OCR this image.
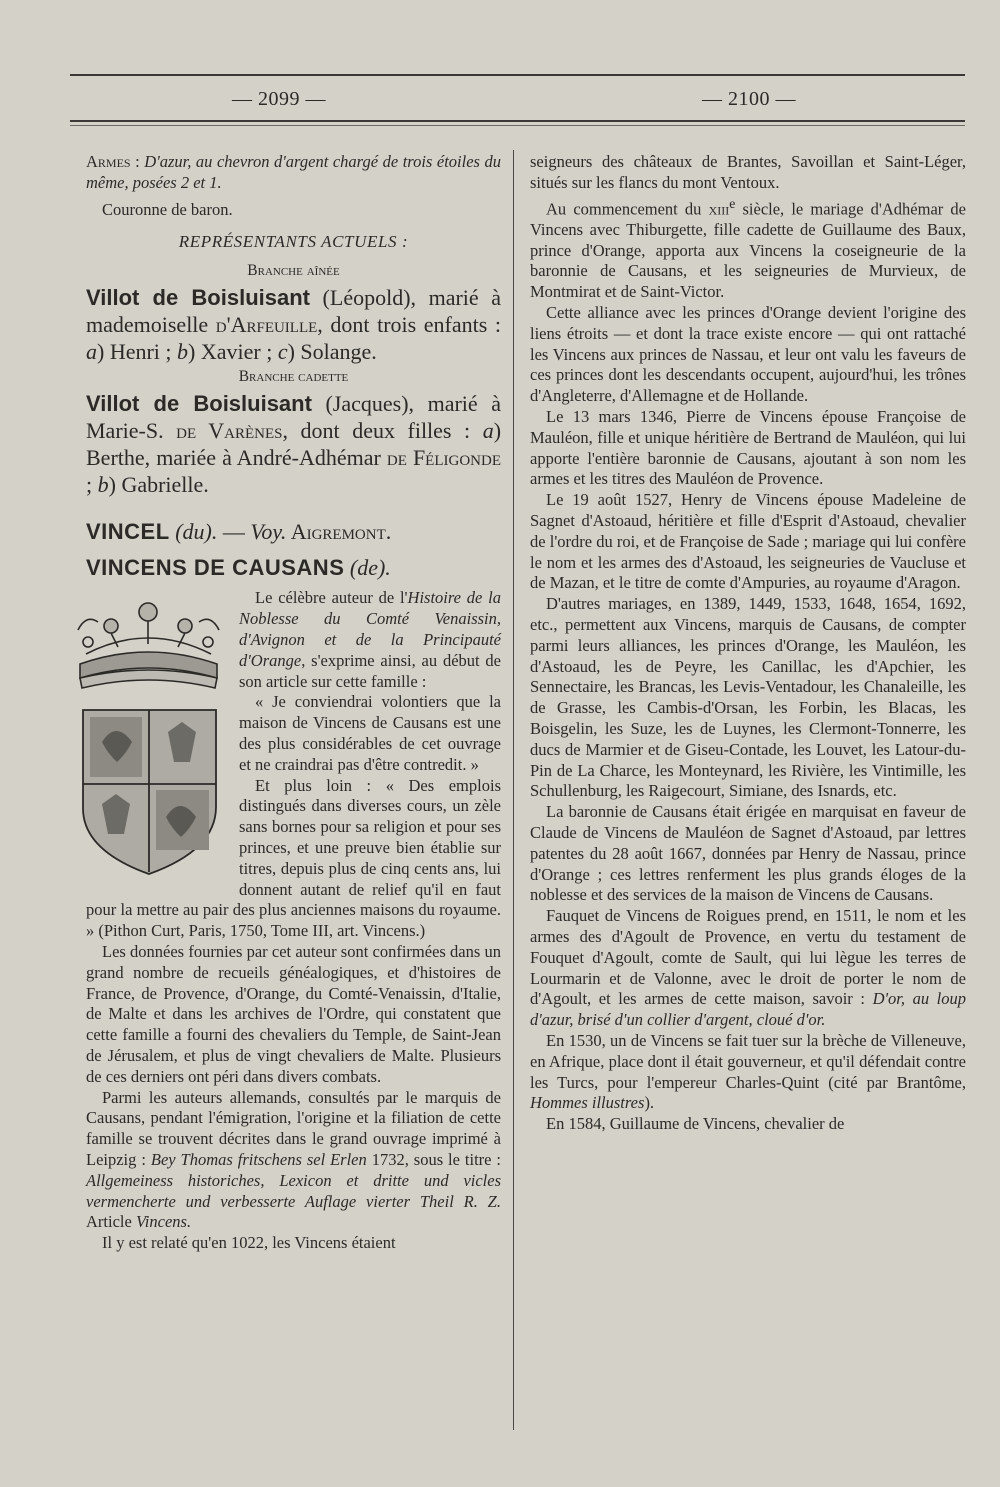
— 2099 —	— 2100 —

Armes : D'azur, au chevron d'argent chargé de trois étoiles du même, posées 2 et 1.

Couronne de baron.

REPRÉSENTANTS ACTUELS :
Branche aînée

Villot de Boisluisant (Léopold), marié à mademoiselle d'Arfeuille, dont trois enfants : a) Henri ; b) Xavier ; c) Solange.

Branche cadette

Villot de Boisluisant (Jacques), marié à Marie-S. de Varènes, dont deux filles : a) Berthe, mariée à André-Adhémar de Féligonde ; b) Gabrielle.

VINCEL (du). — Voy. Aigremont.
VINCENS DE CAUSANS (de).

Le célèbre auteur de l'Histoire de la Noblesse du Comté Venaissin, d'Avignon et de la Principauté d'Orange, s'exprime ainsi, au début de son article sur cette famille :

« Je conviendrai volontiers que la maison de Vincens de Causans est une des plus considérables de cet ouvrage et ne craindrai pas d'être contredit. »

Et plus loin : « Des emplois distingués dans diverses cours, un zèle sans bornes pour sa religion et pour ses princes, et une preuve bien établie sur titres, depuis plus de cinq cents ans, lui donnent autant de relief qu'il en faut pour la mettre au pair des plus anciennes maisons du royaume. » (Pithon Curt, Paris, 1750, Tome III, art. Vincens.)

Les données fournies par cet auteur sont confirmées dans un grand nombre de recueils généalogiques, et d'histoires de France, de Provence, d'Orange, du Comté-Venaissin, d'Italie, de Malte et dans les archives de l'Ordre, qui constatent que cette famille a fourni des chevaliers du Temple, de Saint-Jean de Jérusalem, et plus de vingt chevaliers de Malte. Plusieurs de ces derniers ont péri dans divers combats.

Parmi les auteurs allemands, consultés par le marquis de Causans, pendant l'émigration, l'origine et la filiation de cette famille se trouvent décrites dans le grand ouvrage imprimé à Leipzig : Bey Thomas fritschens sel Erlen 1732, sous le titre : Allgemeiness historiches, Lexicon et dritte und vicles vermencherte und verbesserte Auflage vierter Theil R. Z. Article Vincens.

Il y est relaté qu'en 1022, les Vincens étaient

seigneurs des châteaux de Brantes, Savoillan et Saint-Léger, situés sur les flancs du mont Ventoux.

Au commencement du xiii$^e$ siècle, le mariage d'Adhémar de Vincens avec Thiburgette, fille cadette de Guillaume des Baux, prince d'Orange, apporta aux Vincens la coseigneurie de la baronnie de Causans, et les seigneuries de Murvieux, de Montmirat et de Saint-Victor.

Cette alliance avec les princes d'Orange devient l'origine des liens étroits — et dont la trace existe encore — qui ont rattaché les Vincens aux princes de Nassau, et leur ont valu les faveurs de ces princes dont les descendants occupent, aujourd'hui, les trônes d'Angleterre, d'Allemagne et de Hollande.

Le 13 mars 1346, Pierre de Vincens épouse Françoise de Mauléon, fille et unique héritière de Bertrand de Mauléon, qui lui apporte l'entière baronnie de Causans, ajoutant à son nom les armes et les titres des Mauléon de Provence.

Le 19 août 1527, Henry de Vincens épouse Madeleine de Sagnet d'Astoaud, héritière et fille d'Esprit d'Astoaud, chevalier de l'ordre du roi, et de Françoise de Sade ; mariage qui lui confère le nom et les armes des d'Astoaud, les seigneuries de Vaucluse et de Mazan, et le titre de comte d'Ampuries, au royaume d'Aragon.

D'autres mariages, en 1389, 1449, 1533, 1648, 1654, 1692, etc., permettent aux Vincens, marquis de Causans, de compter parmi leurs alliances, les princes d'Orange, les Mauléon, les d'Astoaud, les de Peyre, les Canillac, les d'Apchier, les Sennectaire, les Brancas, les Levis-Ventadour, les Chanaleille, les de Grasse, les Cambis-d'Orsan, les Forbin, les Blacas, les Boisgelin, les Suze, les de Luynes, les Clermont-Tonnerre, les ducs de Marmier et de Giseu-Contade, les Louvet, les Latour-du-Pin de La Charce, les Monteynard, les Rivière, les Vintimille, les Schullenburg, les Raigecourt, Simiane, des Isnards, etc.

La baronnie de Causans était érigée en marquisat en faveur de Claude de Vincens de Mauléon de Sagnet d'Astoaud, par lettres patentes du 28 août 1667, données par Henry de Nassau, prince d'Orange ; ces lettres renferment les plus grands éloges de la noblesse et des services de la maison de Vincens de Causans.

Fauquet de Vincens de Roigues prend, en 1511, le nom et les armes des d'Agoult de Provence, en vertu du testament de Fouquet d'Agoult, comte de Sault, qui lui lègue les terres de Lourmarin et de Valonne, avec le droit de porter le nom de d'Agoult, et les armes de cette maison, savoir : D'or, au loup d'azur, brisé d'un collier d'argent, cloué d'or.

En 1530, un de Vincens se fait tuer sur la brèche de Villeneuve, en Afrique, place dont il était gouverneur, et qu'il défendait contre les Turcs, pour l'empereur Charles-Quint (cité par Brantôme, Hommes illustres).

En 1584, Guillaume de Vincens, chevalier de
